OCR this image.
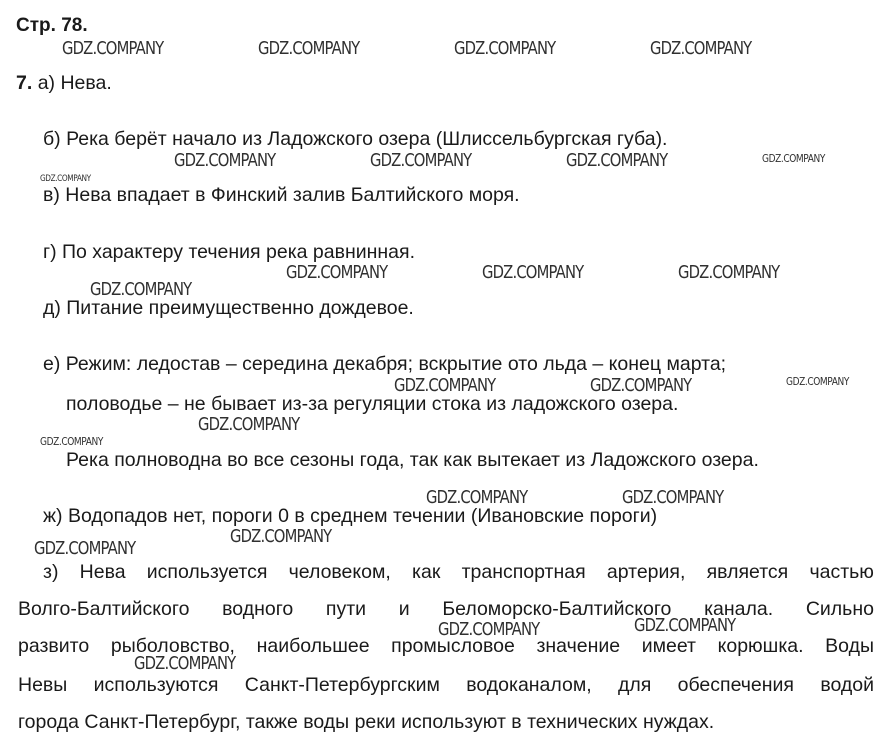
Стр. 78.
7. а) Нева.
б) Река берёт начало из Ладожского озера (Шлиссельбургская губа).
в) Нева впадает в Финский залив Балтийского моря.
г) По характеру течения река равнинная.
д) Питание преимущественно дождевое.
е) Режим: ледостав – середина декабря; вскрытие ото льда – конец марта;
половодье – не бывает из-за регуляции стока из ладожского озера.
Река полноводна во все сезоны года, так как вытекает из Ладожского озера.
ж) Водопадов нет, пороги 0 в среднем течении (Ивановские пороги)
з) Нева используется человеком, как транспортная артерия, является частью
Волго-Балтийского водного пути и Беломорско-Балтийского канала. Сильно
развито рыболовство, наибольшее промысловое значение имеет корюшка. Воды
Невы используются Санкт-Петербургским водоканалом, для обеспечения водой
города Санкт-Петербург, также воды реки используют в технических нуждах.
GDZ.COMPANY	GDZ.COMPANY	GDZ.COMPANY	GDZ.COMPANY
GDZ.COMPANY	GDZ.COMPANY	GDZ.COMPANY	GDZ.COMPANY
GDZ.COMPANY
GDZ.COMPANY	GDZ.COMPANY	GDZ.COMPANY
GDZ.COMPANY
GDZ.COMPANY	GDZ.COMPANY	GDZ.COMPANY
GDZ.COMPANY
GDZ.COMPANY
GDZ.COMPANY	GDZ.COMPANY
GDZ.COMPANY
GDZ.COMPANY
GDZ.COMPANY	GDZ.COMPANY
GDZ.COMPANY
